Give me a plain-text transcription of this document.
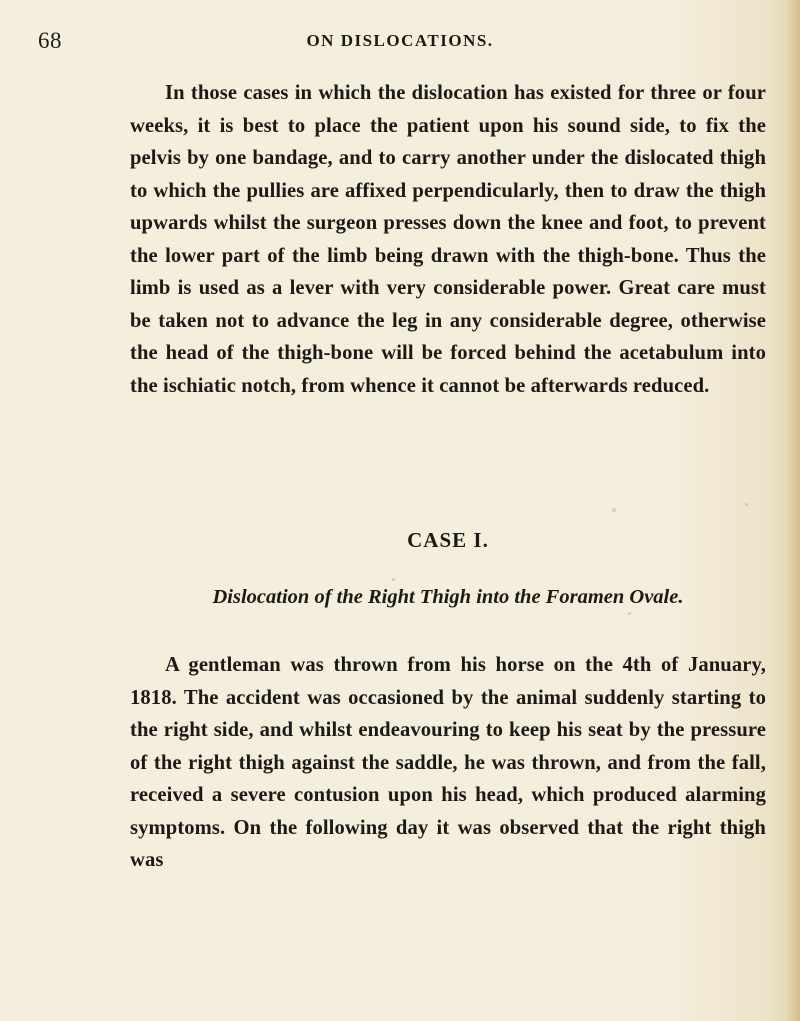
68	ON DISLOCATIONS.
In those cases in which the dislocation has existed for three or four weeks, it is best to place the patient upon his sound side, to fix the pelvis by one bandage, and to carry another under the dislocated thigh to which the pullies are affixed perpendicularly, then to draw the thigh upwards whilst the surgeon presses down the knee and foot, to prevent the lower part of the limb being drawn with the thigh-bone. Thus the limb is used as a lever with very considerable power. Great care must be taken not to advance the leg in any considerable degree, otherwise the head of the thigh-bone will be forced behind the acetabulum into the ischiatic notch, from whence it cannot be afterwards reduced.
CASE I.
Dislocation of the Right Thigh into the Foramen Ovale.
A gentleman was thrown from his horse on the 4th of January, 1818. The accident was occasioned by the animal suddenly starting to the right side, and whilst endeavouring to keep his seat by the pressure of the right thigh against the saddle, he was thrown, and from the fall, received a severe contusion upon his head, which produced alarming symptoms. On the following day it was observed that the right thigh was
